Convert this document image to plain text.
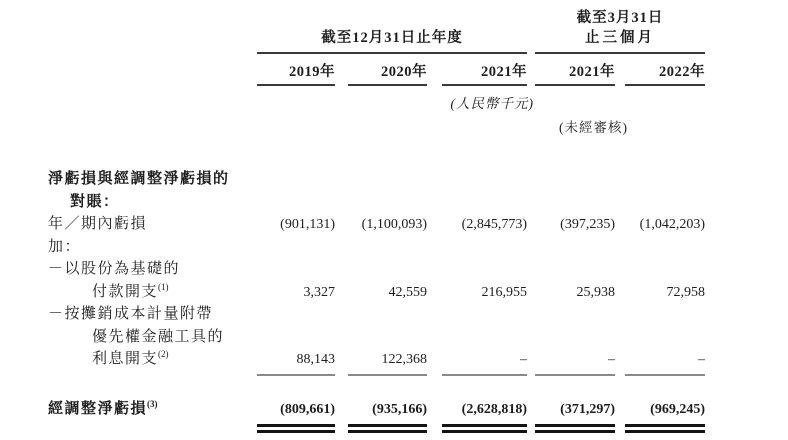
截至12月31日止年度
截至3月31日
止三個月
2019年	2020年	2021年	2021年	2022年
(人民幣千元)
(未經審核)
淨虧損與經調整淨虧損的
對賬：
年／期內虧損	(901,131)	(1,100,093)	(2,845,773)	(397,235)	(1,042,203)
加：
－以股份為基礎的
付款開支$^{(1)}$	3,327	42,559	216,955	25,938	72,958
－按攤銷成本計量附帶
優先權金融工具的
利息開支$^{(2)}$	88,143	122,368	–	–	–
經調整淨虧損$^{(3)}$	(809,661)	(935,166)	(2,628,818)	(371,297)	(969,245)
